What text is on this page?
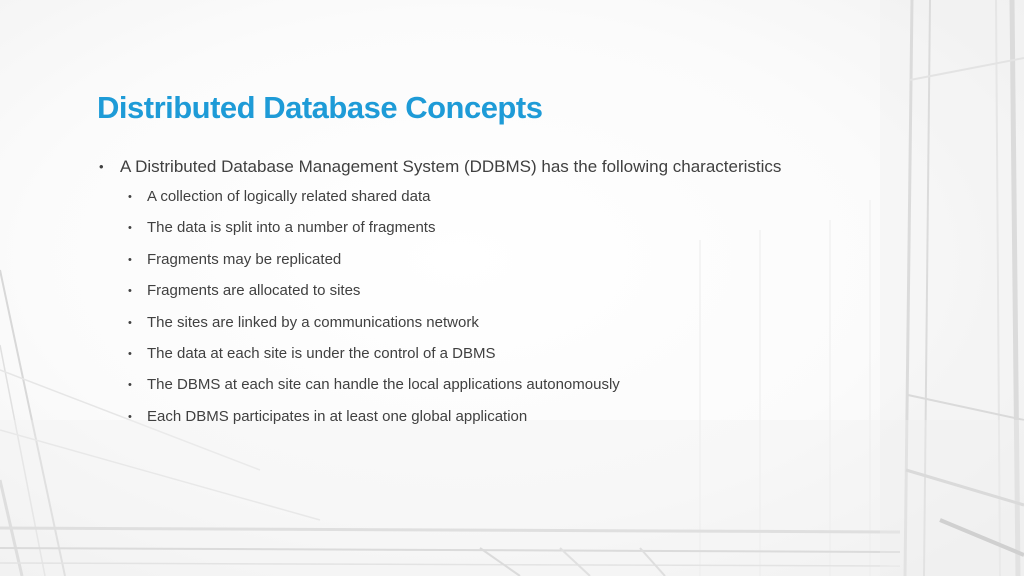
Distributed Database Concepts
• A Distributed Database Management System (DDBMS) has the following characteristics
• A collection of logically related shared data
• The data is split into a number of fragments
• Fragments may be replicated
• Fragments are allocated to sites
• The sites are linked by a communications network
• The data at each site is under the control of a DBMS
• The DBMS at each site can handle the local applications autonomously
• Each DBMS participates in at least one global application
